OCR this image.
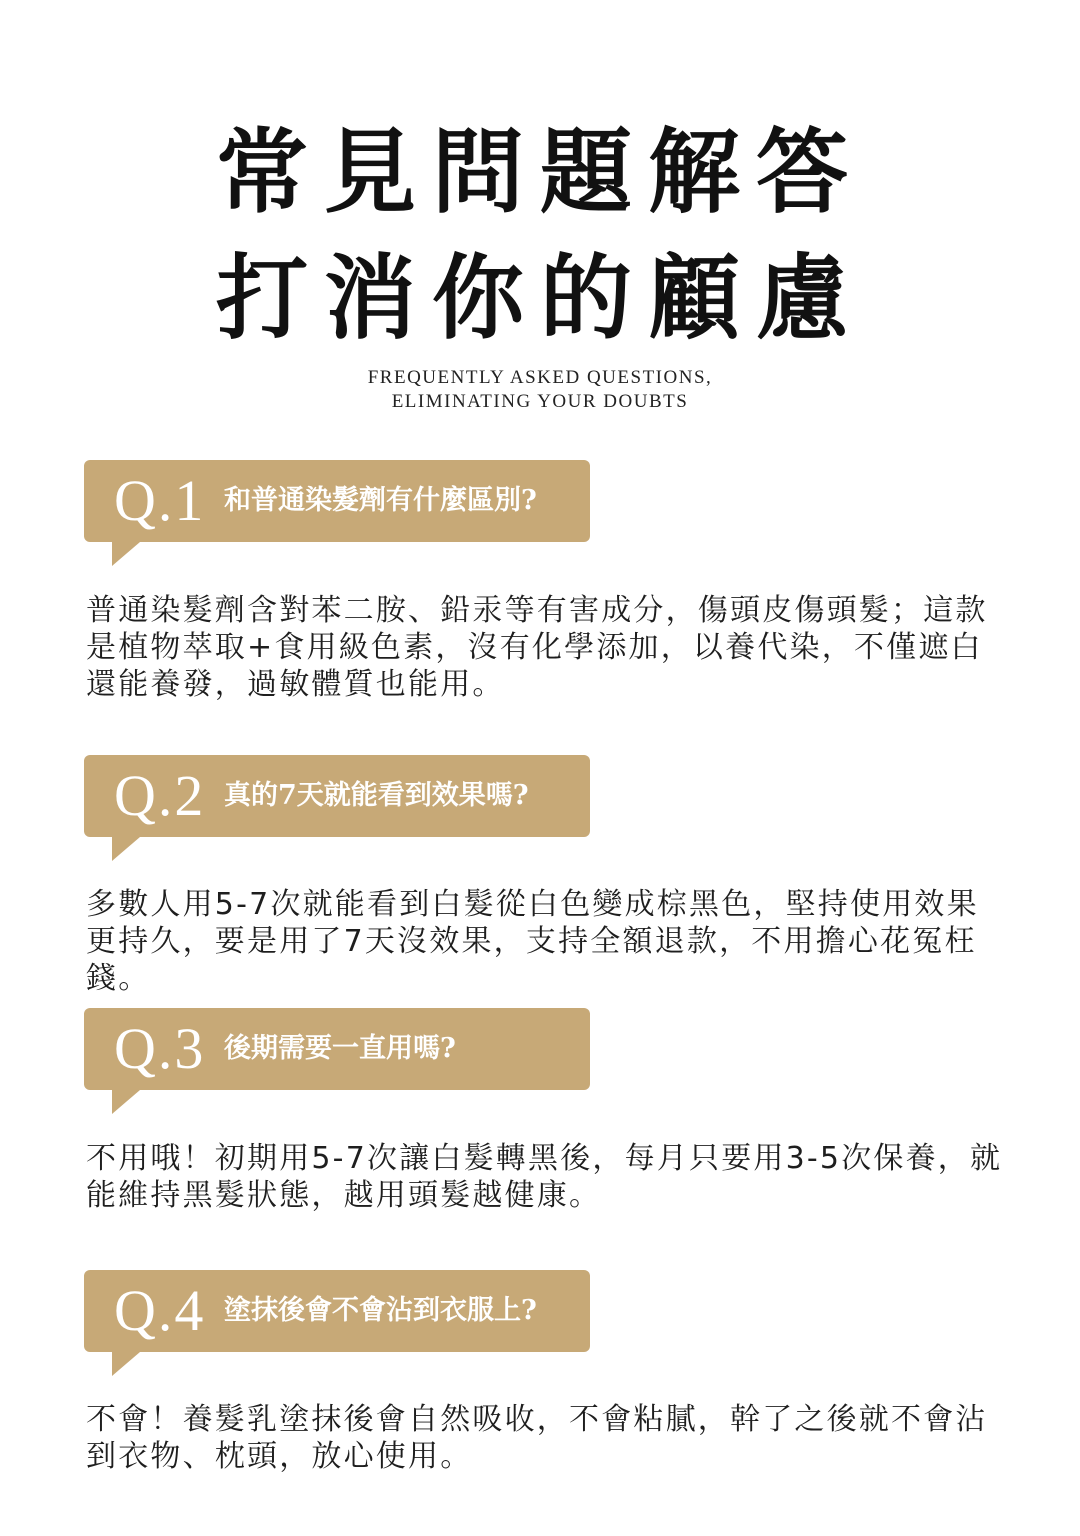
常見問題解答
打消你的顧慮
FREQUENTLY ASKED QUESTIONS,
ELIMINATING YOUR DOUBTS
Q.1 和普通染髮劑有什麼區別?
普通染髮劑含對苯二胺、鉛汞等有害成分，傷頭皮傷頭髮；這款是植物萃取+食用級色素，沒有化學添加，以養代染，不僅遮白還能養發，過敏體質也能用。
Q.2 真的7天就能看到效果嗎?
多數人用5-7次就能看到白髮從白色變成棕黑色，堅持使用效果更持久，要是用了7天沒效果，支持全額退款，不用擔心花冤枉錢。
Q.3 後期需要一直用嗎?
不用哦！初期用5-7次讓白髮轉黑後，每月只要用3-5次保養，就能維持黑髮狀態，越用頭髮越健康。
Q.4 塗抹後會不會沾到衣服上?
不會！養髮乳塗抹後會自然吸收，不會粘膩，幹了之後就不會沾到衣物、枕頭，放心使用。
